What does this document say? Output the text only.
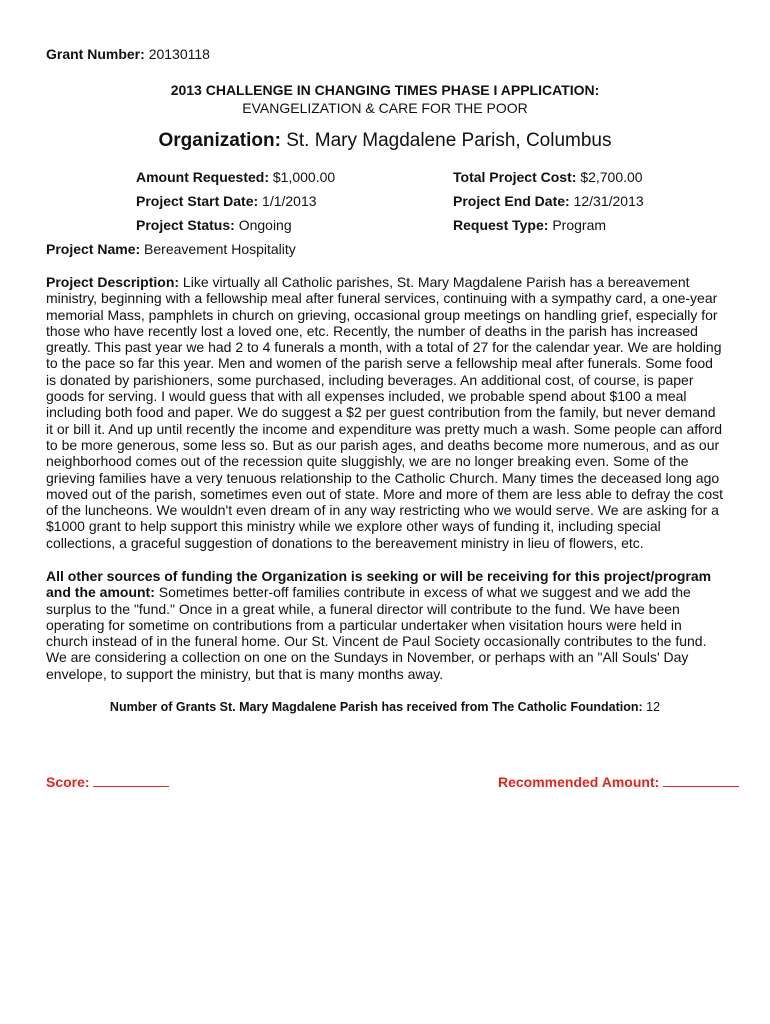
Grant Number: 20130118
2013 CHALLENGE IN CHANGING TIMES PHASE I APPLICATION:
EVANGELIZATION & CARE FOR THE POOR
Organization: St. Mary Magdalene Parish, Columbus
Amount Requested: $1,000.00	Total Project Cost: $2,700.00
Project Start Date: 1/1/2013	Project End Date: 12/31/2013
Project Status: Ongoing	Request Type: Program
Project Name: Bereavement Hospitality
Project Description: Like virtually all Catholic parishes, St. Mary Magdalene Parish has a bereavement ministry, beginning with a fellowship meal after funeral services, continuing with a sympathy card, a one-year memorial Mass, pamphlets in church on grieving, occasional group meetings on handling grief, especially for those who have recently lost a loved one, etc. Recently, the number of deaths in the parish has increased greatly. This past year we had 2 to 4 funerals a month, with a total of 27 for the calendar year. We are holding to the pace so far this year. Men and women of the parish serve a fellowship meal after funerals. Some food is donated by parishioners, some purchased, including beverages. An additional cost, of course, is paper goods for serving. I would guess that with all expenses included, we probable spend about $100 a meal including both food and paper. We do suggest a $2 per guest contribution from the family, but never demand it or bill it. And up until recently the income and expenditure was pretty much a wash. Some people can afford to be more generous, some less so. But as our parish ages, and deaths become more numerous, and as our neighborhood comes out of the recession quite sluggishly, we are no longer breaking even. Some of the grieving families have a very tenuous relationship to the Catholic Church. Many times the deceased long ago moved out of the parish, sometimes even out of state. More and more of them are less able to defray the cost of the luncheons. We wouldn't even dream of in any way restricting who we would serve. We are asking for a $1000 grant to help support this ministry while we explore other ways of funding it, including special collections, a graceful suggestion of donations to the bereavement ministry in lieu of flowers, etc.
All other sources of funding the Organization is seeking or will be receiving for this project/program and the amount: Sometimes better-off families contribute in excess of what we suggest and we add the surplus to the "fund." Once in a great while, a funeral director will contribute to the fund. We have been operating for sometime on contributions from a particular undertaker when visitation hours were held in church instead of in the funeral home. Our St. Vincent de Paul Society occasionally contributes to the fund. We are considering a collection on one on the Sundays in November, or perhaps with an "All Souls' Day envelope, to support the ministry, but that is many months away.
Number of Grants St. Mary Magdalene Parish has received from The Catholic Foundation: 12
Score:	Recommended Amount:
